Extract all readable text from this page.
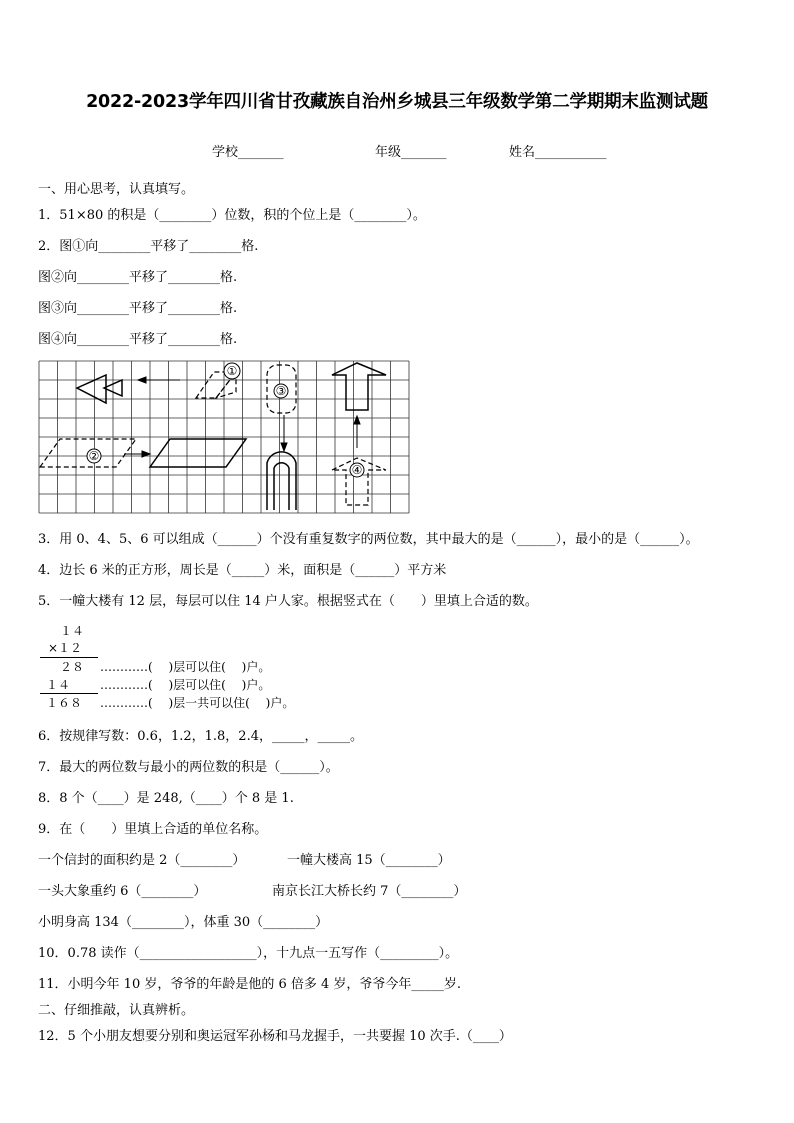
2022-2023学年四川省甘孜藏族自治州乡城县三年级数学第二学期期末监测试题
学校_______	年级_______	姓名___________
一、用心思考，认真填写。
1．51×80 的积是（________）位数，积的个位上是（________）。
2．图①向________平移了________格.
图②向________平移了________格.
图③向________平移了________格.
图④向________平移了________格.
①
③
②
④
3．用 0、4、5、6 可以组成（______）个没有重复数字的两位数，其中最大的是（______），最小的是（______）。
4．边长 6 米的正方形，周长是（_____）米，面积是（______）平方米
5．一幢大楼有 12 层，每层可以住 14 户人家。根据竖式在（　　）里填上合适的数。
１４
×１２
２８ …………(　 )层可以住(　 )户。
１４ …………(　 )层可以住(　 )户。
１６８ …………(　 )层一共可以住(　 )户。
6．按规律写数：0.6，1.2，1.8，2.4，_____，_____。
7．最大的两位数与最小的两位数的积是（______）。
8．8 个（____）是 248,（____）个 8 是 1.
9．在（　　）里填上合适的单位名称。
一个信封的面积约是 2（________）	一幢大楼高 15（________）
一头大象重约 6（________）	南京长江大桥长约 7（________）
小明身高 134（________），体重 30（________）
10．0.78 读作（__________________），十九点一五写作（_________）。
11．小明今年 10 岁，爷爷的年龄是他的 6 倍多 4 岁，爷爷今年_____岁.
二、仔细推敲，认真辨析。
12．5 个小朋友想要分别和奥运冠军孙杨和马龙握手，一共要握 10 次手.（____）
